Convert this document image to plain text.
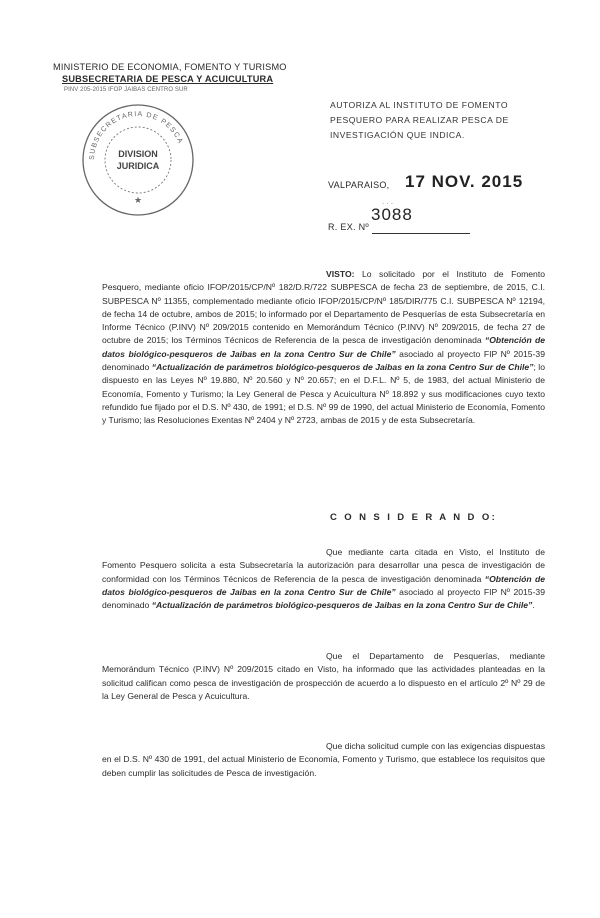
MINISTERIO DE ECONOMIA, FOMENTO Y TURISMO
SUBSECRETARIA DE PESCA Y ACUICULTURA
PINV 205-2015 IFOP JAIBAS CENTRO SUR
SUBSECRETARIA DE PESCA
DIVISION
JURIDICA
★
AUTORIZA AL INSTITUTO DE FOMENTO PESQUERO PARA REALIZAR PESCA DE INVESTIGACIÓN QUE INDICA.
VALPARAISO, 17 NOV. 2015
. . .
3088
R. EX. Nº
VISTO: Lo solicitado por el Instituto de Fomento Pesquero, mediante oficio IFOP/2015/CP/Nº 182/D.R/722 SUBPESCA de fecha 23 de septiembre, de 2015, C.I. SUBPESCA Nº 11355, complementado mediante oficio IFOP/2015/CP/Nº 185/DIR/775 C.I. SUBPESCA Nº 12194, de fecha 14 de octubre, ambos de 2015; lo informado por el Departamento de Pesquerías de esta Subsecretaría en Informe Técnico (P.INV) Nº 209/2015 contenido en Memorándum Técnico (P.INV) Nº 209/2015, de fecha 27 de octubre de 2015; los Términos Técnicos de Referencia de la pesca de investigación denominada “Obtención de datos biológico-pesqueros de Jaibas en la zona Centro Sur de Chile” asociado al proyecto FIP Nº 2015-39 denominado “Actualización de parámetros biológico-pesqueros de Jaibas en la zona Centro Sur de Chile”; lo dispuesto en las Leyes Nº 19.880, Nº 20.560 y Nº 20.657; en el D.F.L. Nº 5, de 1983, del actual Ministerio de Economía, Fomento y Turismo; la Ley General de Pesca y Acuicultura Nº 18.892 y sus modificaciones cuyo texto refundido fue fijado por el D.S. Nº 430, de 1991; el D.S. Nº 99 de 1990, del actual Ministerio de Economía, Fomento y Turismo; las Resoluciones Exentas Nº 2404 y Nº 2723, ambas de 2015 y de esta Subsecretaría.
C O N S I D E R A N D O:
Que mediante carta citada en Visto, el Instituto de Fomento Pesquero solicita a esta Subsecretaría la autorización para desarrollar una pesca de investigación de conformidad con los Términos Técnicos de Referencia de la pesca de investigación denominada “Obtención de datos biológico-pesqueros de Jaibas en la zona Centro Sur de Chile” asociado al proyecto FIP Nº 2015-39 denominado “Actualización de parámetros biológico-pesqueros de Jaibas en la zona Centro Sur de Chile”.
Que el Departamento de Pesquerías, mediante Memorándum Técnico (P.INV) Nº 209/2015 citado en Visto, ha informado que las actividades planteadas en la solicitud califican como pesca de investigación de prospección de acuerdo a lo dispuesto en el artículo 2º Nº 29 de la Ley General de Pesca y Acuicultura.
Que dicha solicitud cumple con las exigencias dispuestas en el D.S. Nº 430 de 1991, del actual Ministerio de Economía, Fomento y Turismo, que establece los requisitos que deben cumplir las solicitudes de Pesca de investigación.
